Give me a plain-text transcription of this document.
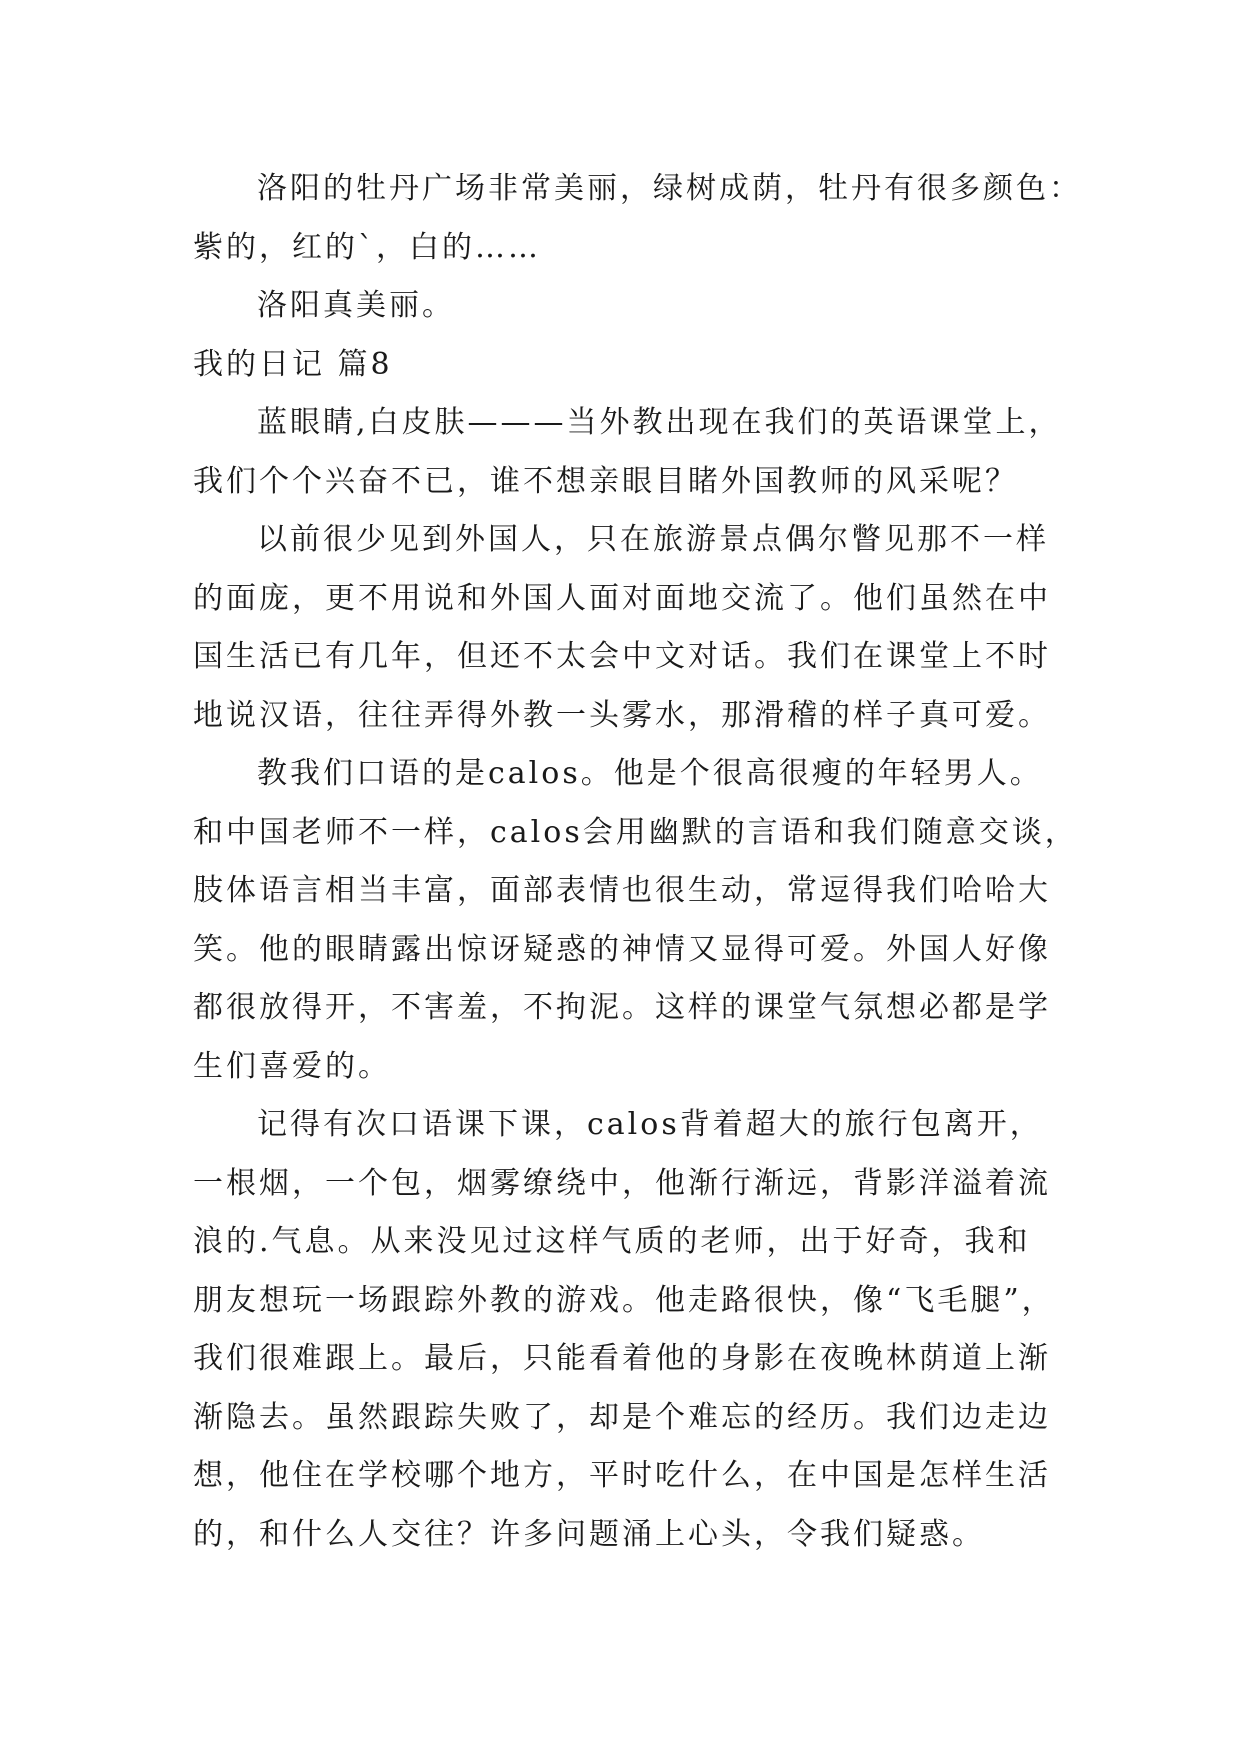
洛阳的牡丹广场非常美丽，绿树成荫，牡丹有很多颜色：
紫的，红的`，白的……
洛阳真美丽。
我的日记 篇8
蓝眼睛,白皮肤———当外教出现在我们的英语课堂上，
我们个个兴奋不已，谁不想亲眼目睹外国教师的风采呢？
以前很少见到外国人，只在旅游景点偶尔瞥见那不一样
的面庞，更不用说和外国人面对面地交流了。他们虽然在中
国生活已有几年，但还不太会中文对话。我们在课堂上不时
地说汉语，往往弄得外教一头雾水，那滑稽的样子真可爱。
教我们口语的是calos。他是个很高很瘦的年轻男人。
和中国老师不一样，calos会用幽默的言语和我们随意交谈，
肢体语言相当丰富，面部表情也很生动，常逗得我们哈哈大
笑。他的眼睛露出惊讶疑惑的神情又显得可爱。外国人好像
都很放得开，不害羞，不拘泥。这样的课堂气氛想必都是学
生们喜爱的。
记得有次口语课下课，calos背着超大的旅行包离开，
一根烟，一个包，烟雾缭绕中，他渐行渐远，背影洋溢着流
浪的.气息。从来没见过这样气质的老师，出于好奇，我和
朋友想玩一场跟踪外教的游戏。他走路很快，像“飞毛腿”，
我们很难跟上。最后，只能看着他的身影在夜晚林荫道上渐
渐隐去。虽然跟踪失败了，却是个难忘的经历。我们边走边
想，他住在学校哪个地方，平时吃什么，在中国是怎样生活
的，和什么人交往？许多问题涌上心头，令我们疑惑。
